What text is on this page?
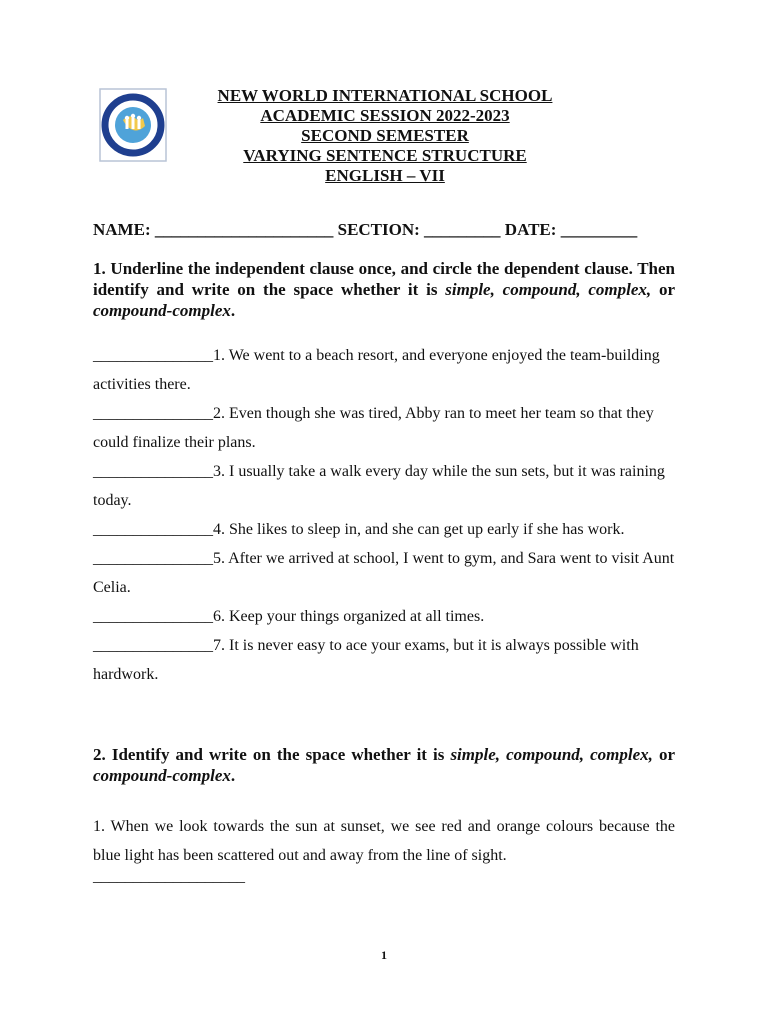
NEW WORLD INTERNATIONAL SCHOOL
ACADEMIC SESSION 2022-2023
SECOND SEMESTER
VARYING SENTENCE STRUCTURE
ENGLISH – VII
NAME: _____________________ SECTION: _________ DATE: _________
1. Underline the independent clause once, and circle the dependent clause. Then identify and write on the space whether it is simple, compound, complex, or compound-complex.
_______________1. We went to a beach resort, and everyone enjoyed the team-building activities there.
_______________2. Even though she was tired, Abby ran to meet her team so that they could finalize their plans.
_______________3. I usually take a walk every day while the sun sets, but it was raining today.
_______________4. She likes to sleep in, and she can get up early if she has work.
_______________5. After we arrived at school, I went to gym, and Sara went to visit Aunt Celia.
_______________6. Keep your things organized at all times.
_______________7. It is never easy to ace your exams, but it is always possible with hardwork.
2. Identify and write on the space whether it is simple, compound, complex, or compound-complex.
1. When we look towards the sun at sunset, we see red and orange colours because the blue light has been scattered out and away from the line of sight.
___________________
1
